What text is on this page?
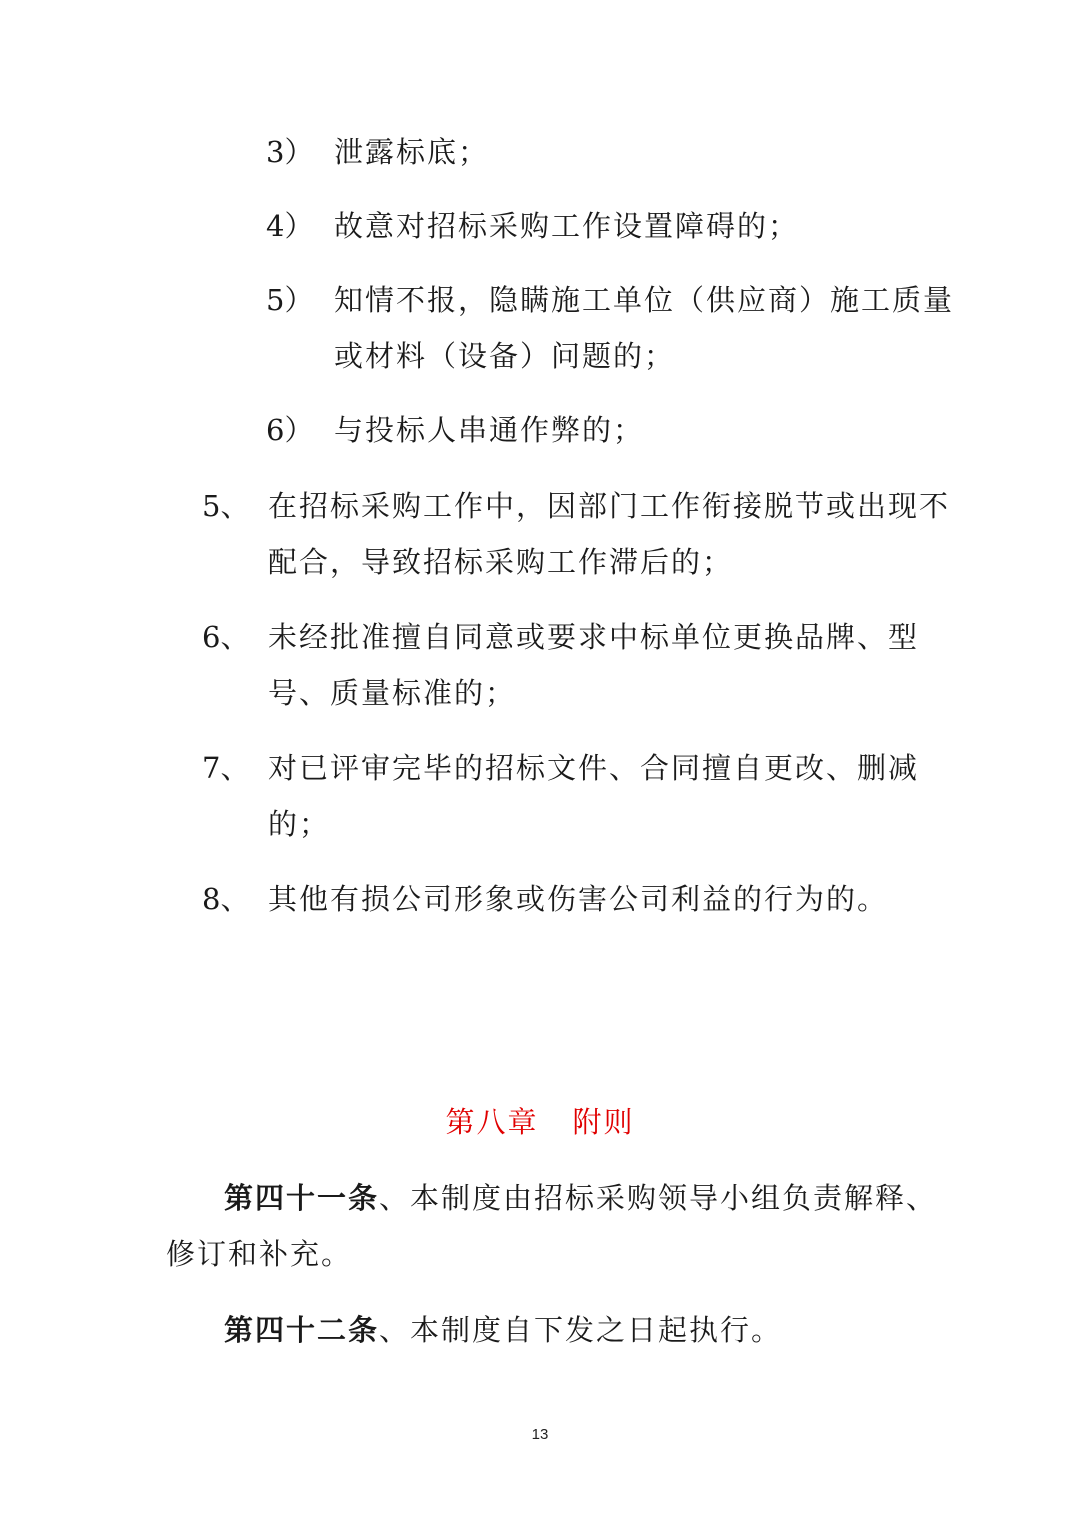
3） 泄露标底；
4） 故意对招标采购工作设置障碍的；
5） 知情不报，隐瞒施工单位（供应商）施工质量
或材料（设备）问题的；
6） 与投标人串通作弊的；
5、 在招标采购工作中，因部门工作衔接脱节或出现不
配合，导致招标采购工作滞后的；
6、 未经批准擅自同意或要求中标单位更换品牌、型
号、质量标准的；
7、 对已评审完毕的招标文件、合同擅自更改、删减
的；
8、 其他有损公司形象或伤害公司利益的行为的。
第八章 附则
第四十一条、本制度由招标采购领导小组负责解释、
修订和补充。
第四十二条、本制度自下发之日起执行。
13
